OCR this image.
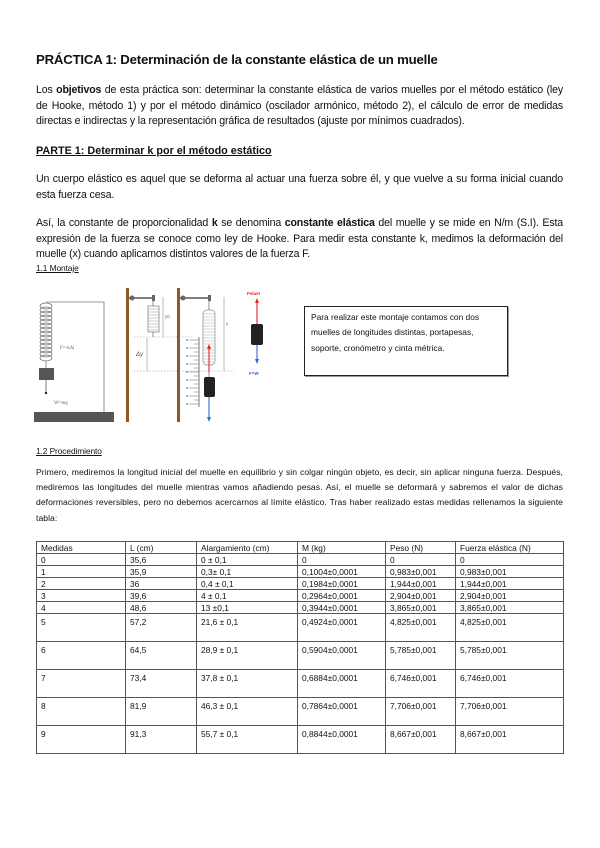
PRÁCTICA 1: Determinación de la constante elástica de un muelle
Los objetivos de esta práctica son: determinar la constante elástica de varios muelles por el método estático (ley de Hooke, método 1) y por el método dinámico (oscilador armónico, método 2), el cálculo de error de medidas directas e indirectas y la representación gráfica de resultados (ajuste por mínimos cuadrados).
PARTE 1: Determinar k por el método estático
Un cuerpo elástico es aquel que se deforma al actuar una fuerza sobre él, y que vuelve a su forma inicial cuando esta fuerza cesa.
Así, la constante de proporcionalidad k se denomina constante elástica del muelle y se mide en N/m (S.I). Esta expresión de la fuerza se conoce como ley de Hooke. Para medir esta constante k, medimos la deformación del muelle (x) cuando aplicamos distintos valores de la fuerza F.
1.1 Montaje
F=-kΔl
W=mg
y0
Δy
y
Felast
F=W
Para realizar este montaje contamos con dos muelles de longitudes distintas, portapesas, soporte, cronómetro y cinta métrica.
1.2 Procedimiento
Primero, mediremos la longitud inicial del muelle en equilibrio y sin colgar ningún objeto, es decir, sin aplicar ninguna fuerza. Después, mediremos las longitudes del muelle mientras vamos añadiendo pesas. Así, el muelle se deformará y sabremos el valor de dichas deformaciones reversibles, pero no debemos acercarnos al límite elástico. Tras haber realizado estas medidas rellenamos la siguiente tabla:
Medidas	L (cm)	Alargamiento (cm)	M (kg)	Peso (N)	Fuerza elástica (N)
0	35,6	0 ± 0,1	0	0	0
1	35,9	0,3± 0,1	0,1004±0,0001	0,983±0,001	0,983±0,001
2	36	0,4 ± 0,1	0,1984±0,0001	1,944±0,001	1,944±0,001
3	39,6	4 ± 0,1	0,2964±0,0001	2,904±0,001	2,904±0,001
4	48,6	13 ±0,1	0,3944±0,0001	3,865±0,001	3,865±0,001
5	57,2	21,6 ± 0,1	0,4924±0,0001	4,825±0,001	4,825±0,001
6	64,5	28,9 ± 0,1	0,5904±0,0001	5,785±0,001	5,785±0,001
7	73,4	37,8 ± 0,1	0,6884±0,0001	6,746±0,001	6,746±0,001
8	81,9	46,3 ± 0,1	0,7864±0,0001	7,706±0,001	7,706±0,001
9	91,3	55,7 ± 0,1	0,8844±0,0001	8,667±0,001	8,667±0,001
